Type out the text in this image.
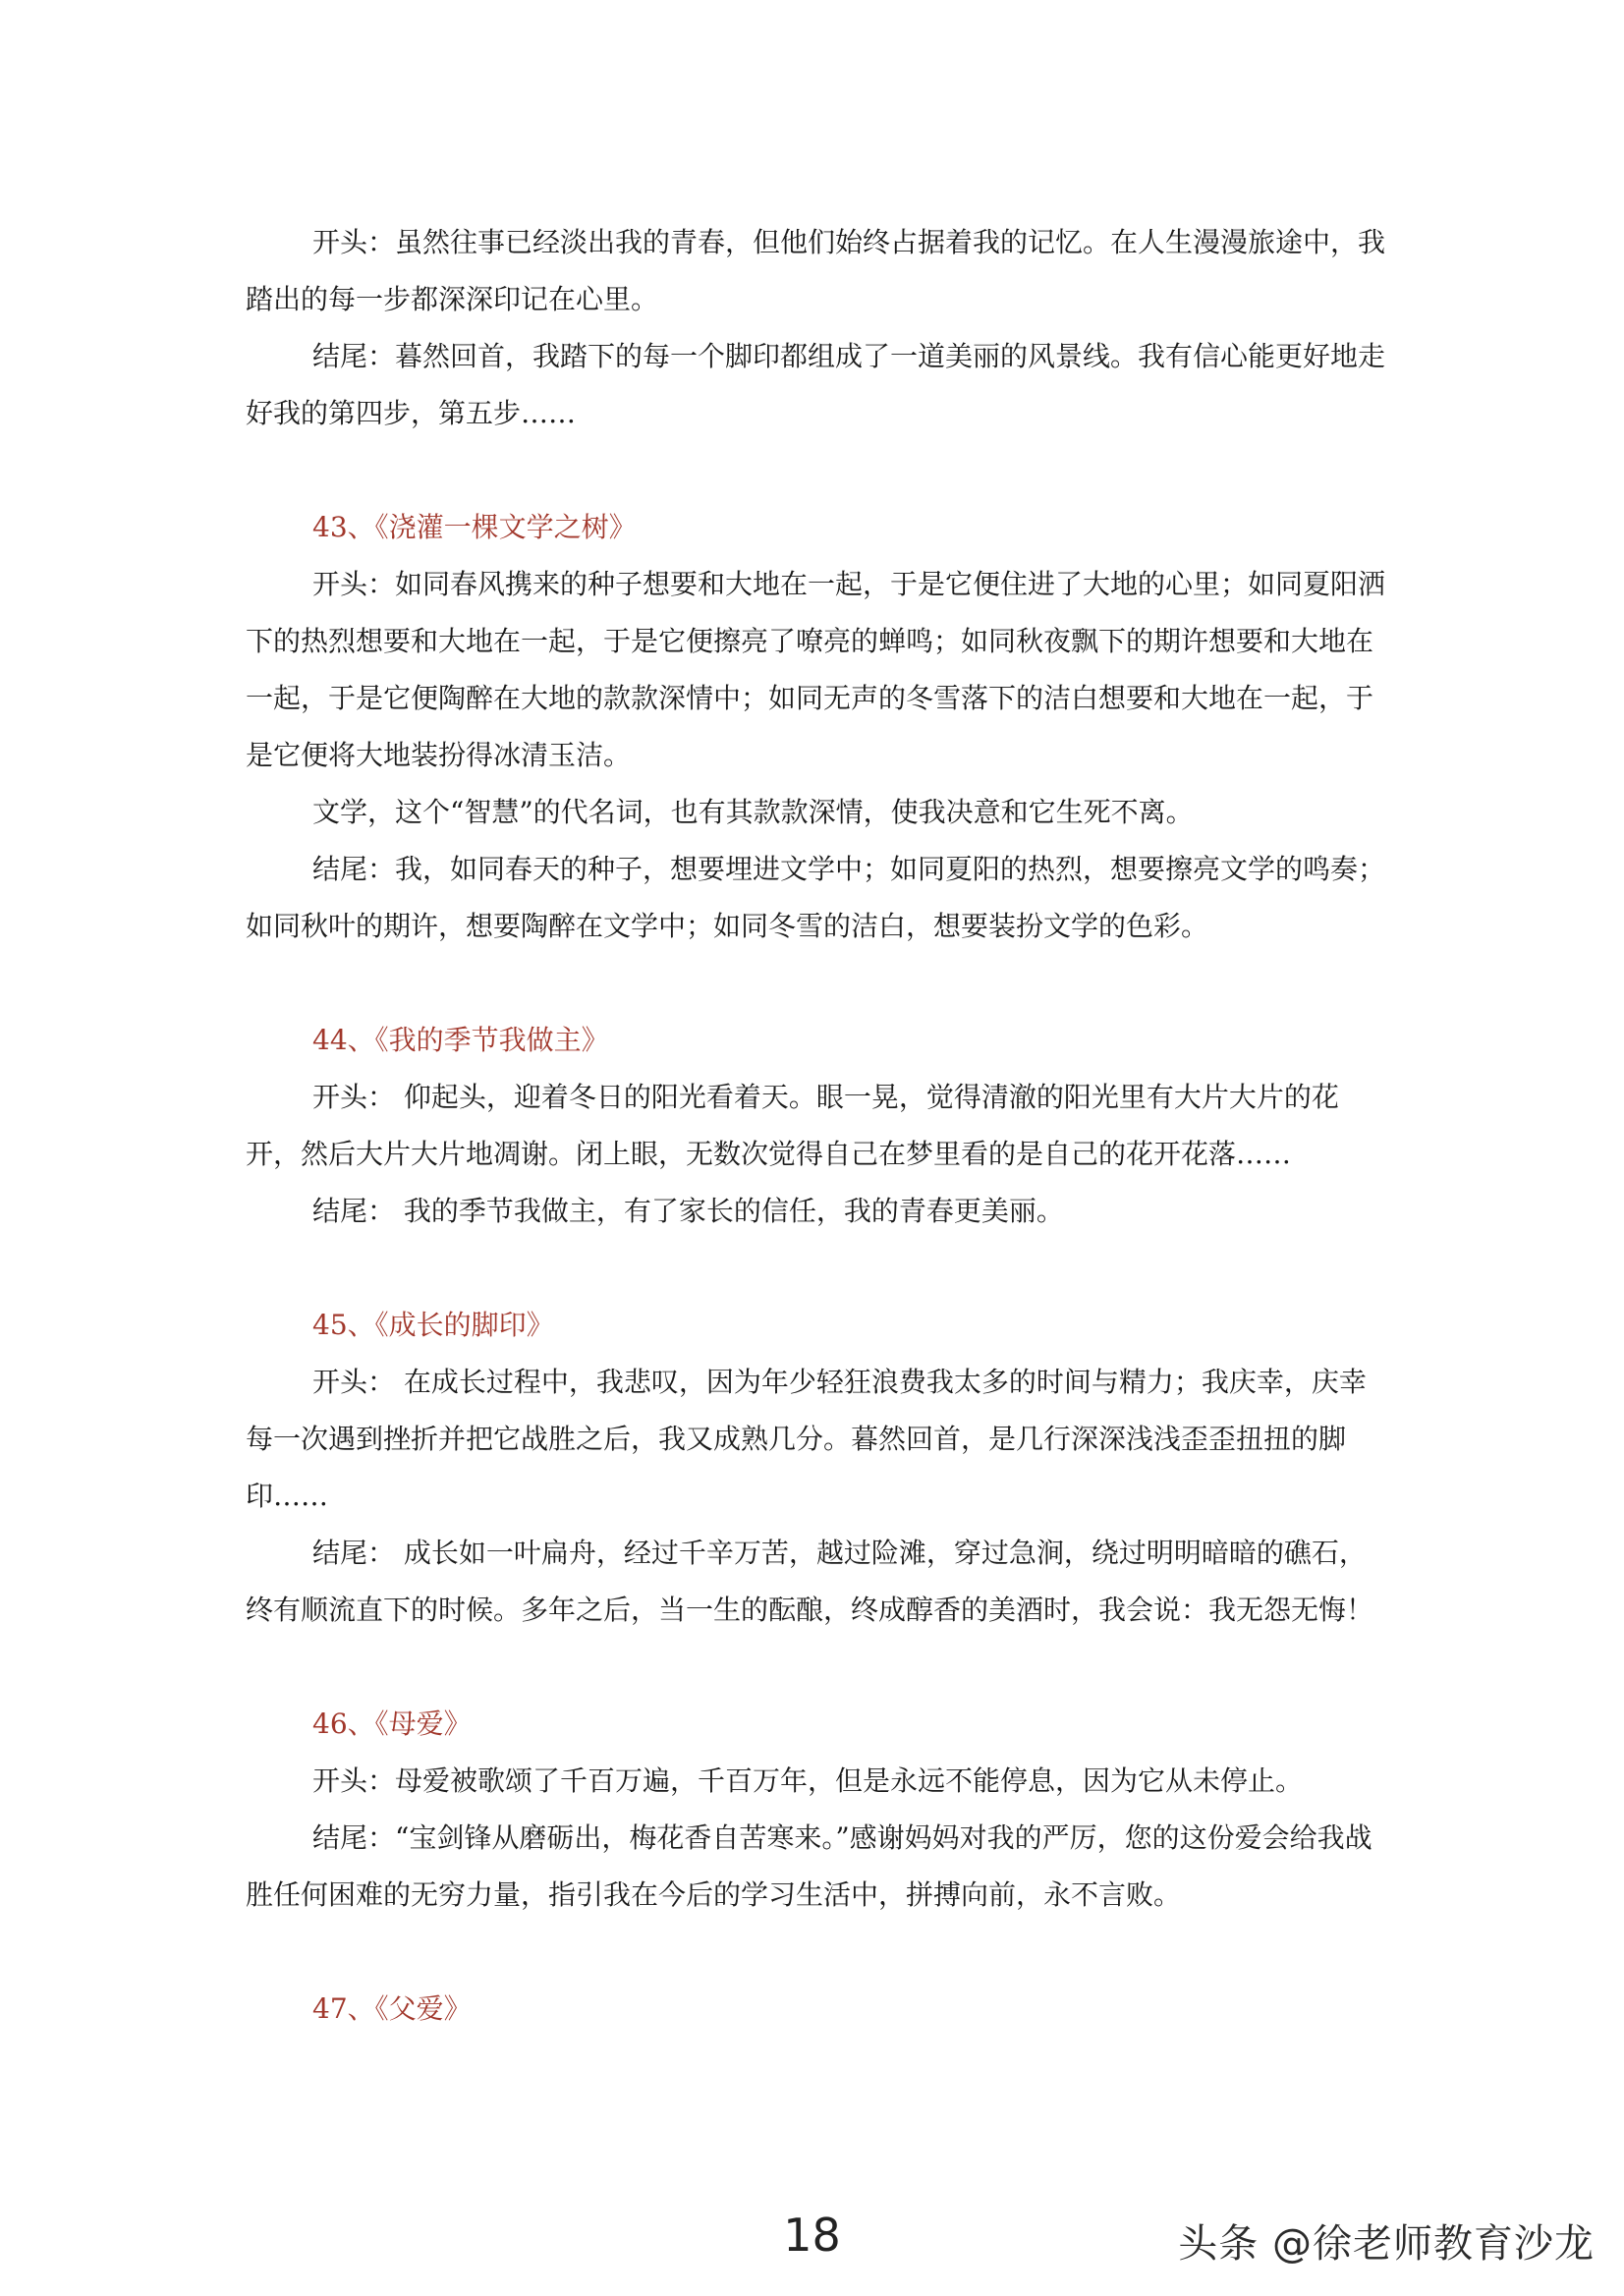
开头：虽然往事已经淡出我的青春，但他们始终占据着我的记忆。在人生漫漫旅途中，我踏出的每一步都深深印记在心里。

结尾：暮然回首，我踏下的每一个脚印都组成了一道美丽的风景线。我有信心能更好地走好我的第四步，第五步……

43、《浇灌一棵文学之树》

开头：如同春风携来的种子想要和大地在一起，于是它便住进了大地的心里；如同夏阳洒下的热烈想要和大地在一起，于是它便擦亮了嘹亮的蝉鸣；如同秋夜飘下的期许想要和大地在一起，于是它便陶醉在大地的款款深情中；如同无声的冬雪落下的洁白想要和大地在一起，于是它便将大地装扮得冰清玉洁。

文学，这个“智慧”的代名词，也有其款款深情，使我决意和它生死不离。

结尾：我，如同春天的种子，想要埋进文学中；如同夏阳的热烈，想要擦亮文学的鸣奏；如同秋叶的期许，想要陶醉在文学中；如同冬雪的洁白，想要装扮文学的色彩。

44、《我的季节我做主》

开头： 仰起头，迎着冬日的阳光看着天。眼一晃，觉得清澈的阳光里有大片大片的花开，然后大片大片地凋谢。闭上眼，无数次觉得自己在梦里看的是自己的花开花落……

结尾： 我的季节我做主，有了家长的信任，我的青春更美丽。

45、《成长的脚印》

开头： 在成长过程中，我悲叹，因为年少轻狂浪费我太多的时间与精力；我庆幸，庆幸每一次遇到挫折并把它战胜之后，我又成熟几分。暮然回首，是几行深深浅浅歪歪扭扭的脚印……

结尾： 成长如一叶扁舟，经过千辛万苦，越过险滩，穿过急涧，绕过明明暗暗的礁石，终有顺流直下的时候。多年之后，当一生的酝酿，终成醇香的美酒时，我会说：我无怨无悔！

46、《母爱》

开头：母爱被歌颂了千百万遍，千百万年，但是永远不能停息，因为它从未停止。

结尾：“宝剑锋从磨砺出，梅花香自苦寒来。”感谢妈妈对我的严厉，您的这份爱会给我战胜任何困难的无穷力量，指引我在今后的学习生活中，拼搏向前，永不言败。

47、《父爱》

18	头条 @徐老师教育沙龙
